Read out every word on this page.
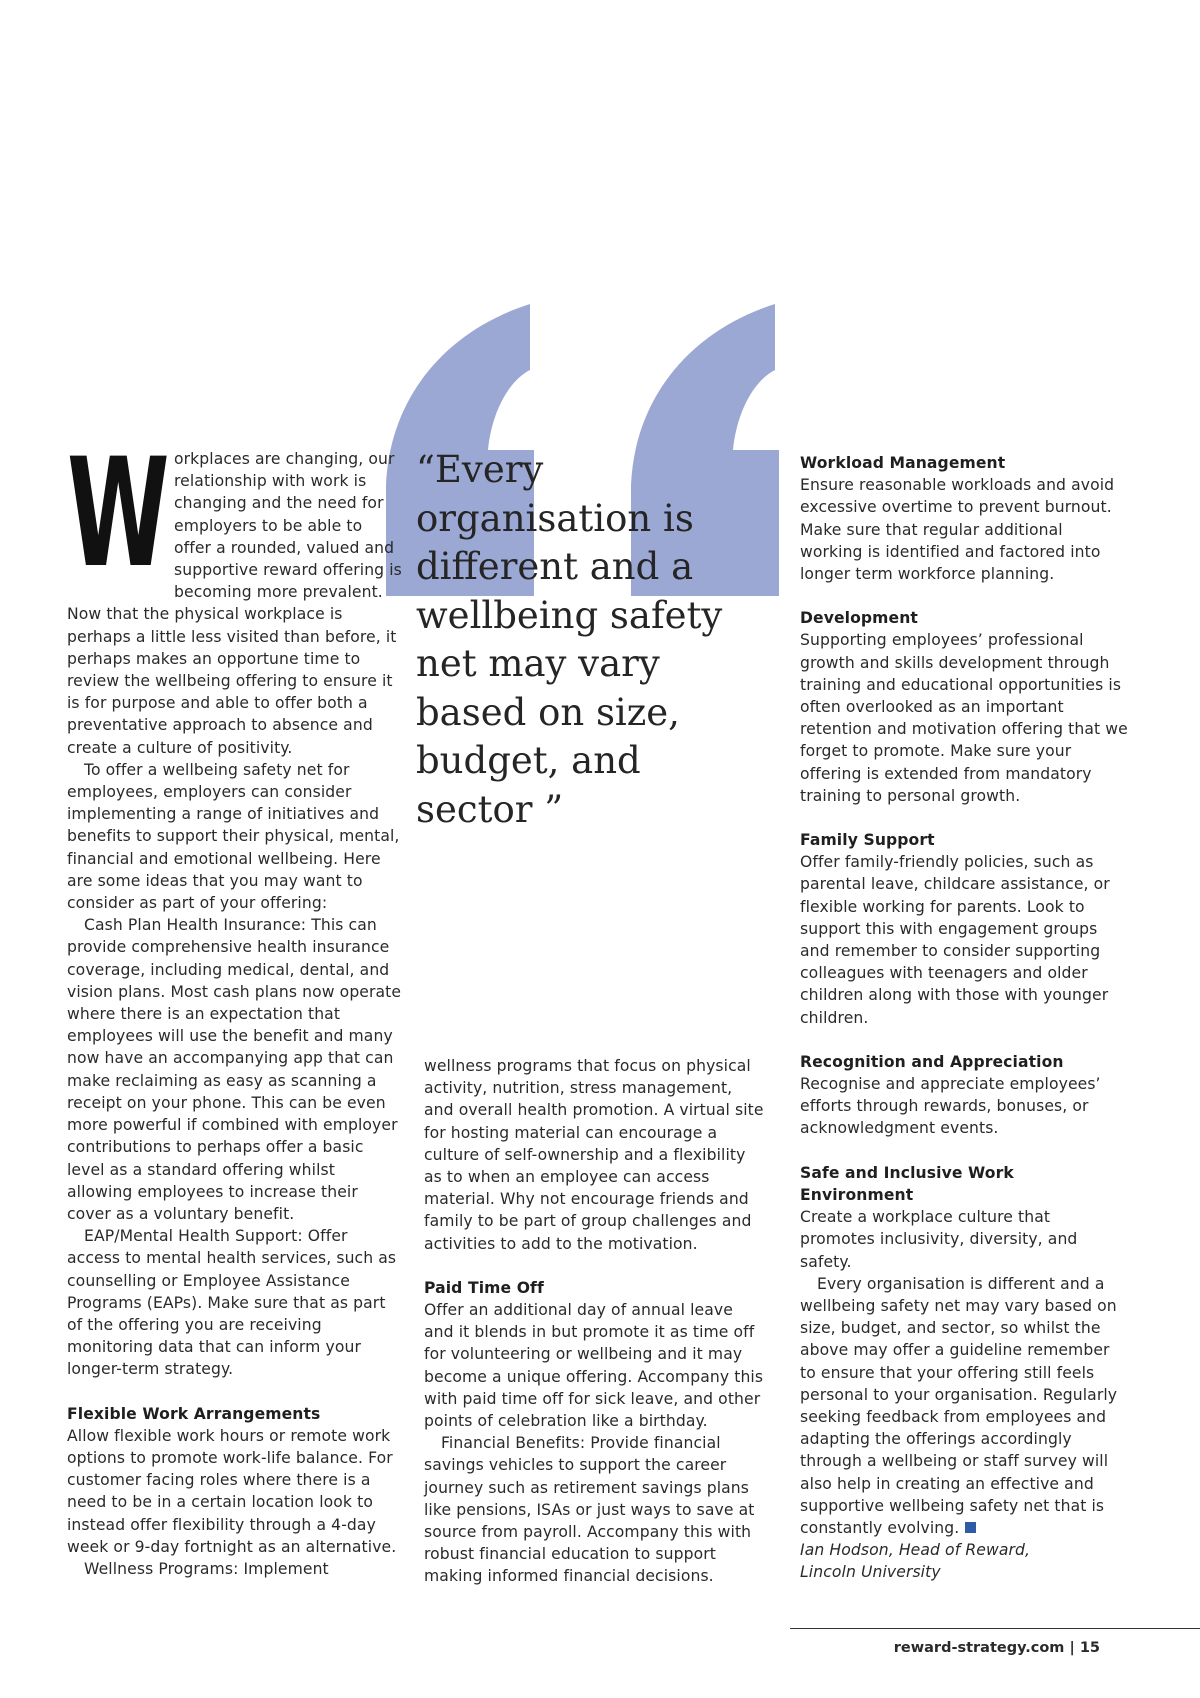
W orkplaces are changing, our relationship with work is changing and the need for employers to be able to offer a rounded, valued and supportive reward offering is becoming more prevalent. Now that the physical workplace is perhaps a little less visited than before, it perhaps makes an opportune time to review the wellbeing offering to ensure it is for purpose and able to offer both a preventative approach to absence and create a culture of positivity.

To offer a wellbeing safety net for employees, employers can consider implementing a range of initiatives and benefits to support their physical, mental, financial and emotional wellbeing. Here are some ideas that you may want to consider as part of your offering:

Cash Plan Health Insurance: This can provide comprehensive health insurance coverage, including medical, dental, and vision plans. Most cash plans now operate where there is an expectation that employees will use the benefit and many now have an accompanying app that can make reclaiming as easy as scanning a receipt on your phone. This can be even more powerful if combined with employer contributions to perhaps offer a basic level as a standard offering whilst allowing employees to increase their cover as a voluntary benefit.

EAP/Mental Health Support: Offer access to mental health services, such as counselling or Employee Assistance Programs (EAPs). Make sure that as part of the offering you are receiving monitoring data that can inform your longer-term strategy.

Flexible Work Arrangements

Allow flexible work hours or remote work options to promote work-life balance. For customer facing roles where there is a need to be in a certain location look to instead offer flexibility through a 4-day week or 9-day fortnight as an alternative.

Wellness Programs: Implement

“Every organisation is different and a wellbeing safety net may vary based on size, budget, and sector ”

wellness programs that focus on physical activity, nutrition, stress management, and overall health promotion. A virtual site for hosting material can encourage a culture of self-ownership and a flexibility as to when an employee can access material. Why not encourage friends and family to be part of group challenges and activities to add to the motivation.

Paid Time Off

Offer an additional day of annual leave and it blends in but promote it as time off for volunteering or wellbeing and it may become a unique offering. Accompany this with paid time off for sick leave, and other points of celebration like a birthday.

Financial Benefits: Provide financial savings vehicles to support the career journey such as retirement savings plans like pensions, ISAs or just ways to save at source from payroll. Accompany this with robust financial education to support making informed financial decisions.

Workload Management

Ensure reasonable workloads and avoid excessive overtime to prevent burnout. Make sure that regular additional working is identified and factored into longer term workforce planning.

Development

Supporting employees’ professional growth and skills development through training and educational opportunities is often overlooked as an important retention and motivation offering that we forget to promote. Make sure your offering is extended from mandatory training to personal growth.

Family Support

Offer family-friendly policies, such as parental leave, childcare assistance, or flexible working for parents. Look to support this with engagement groups and remember to consider supporting colleagues with teenagers and older children along with those with younger children.

Recognition and Appreciation

Recognise and appreciate employees’ efforts through rewards, bonuses, or acknowledgment events.

Safe and Inclusive Work Environment

Create a workplace culture that promotes inclusivity, diversity, and safety.

Every organisation is different and a wellbeing safety net may vary based on size, budget, and sector, so whilst the above may offer a guideline remember to ensure that your offering still feels personal to your organisation. Regularly seeking feedback from employees and adapting the offerings accordingly through a wellbeing or staff survey will also help in creating an effective and supportive wellbeing safety net that is constantly evolving.

Ian Hodson, Head of Reward,

Lincoln University

reward-strategy.com | 15
